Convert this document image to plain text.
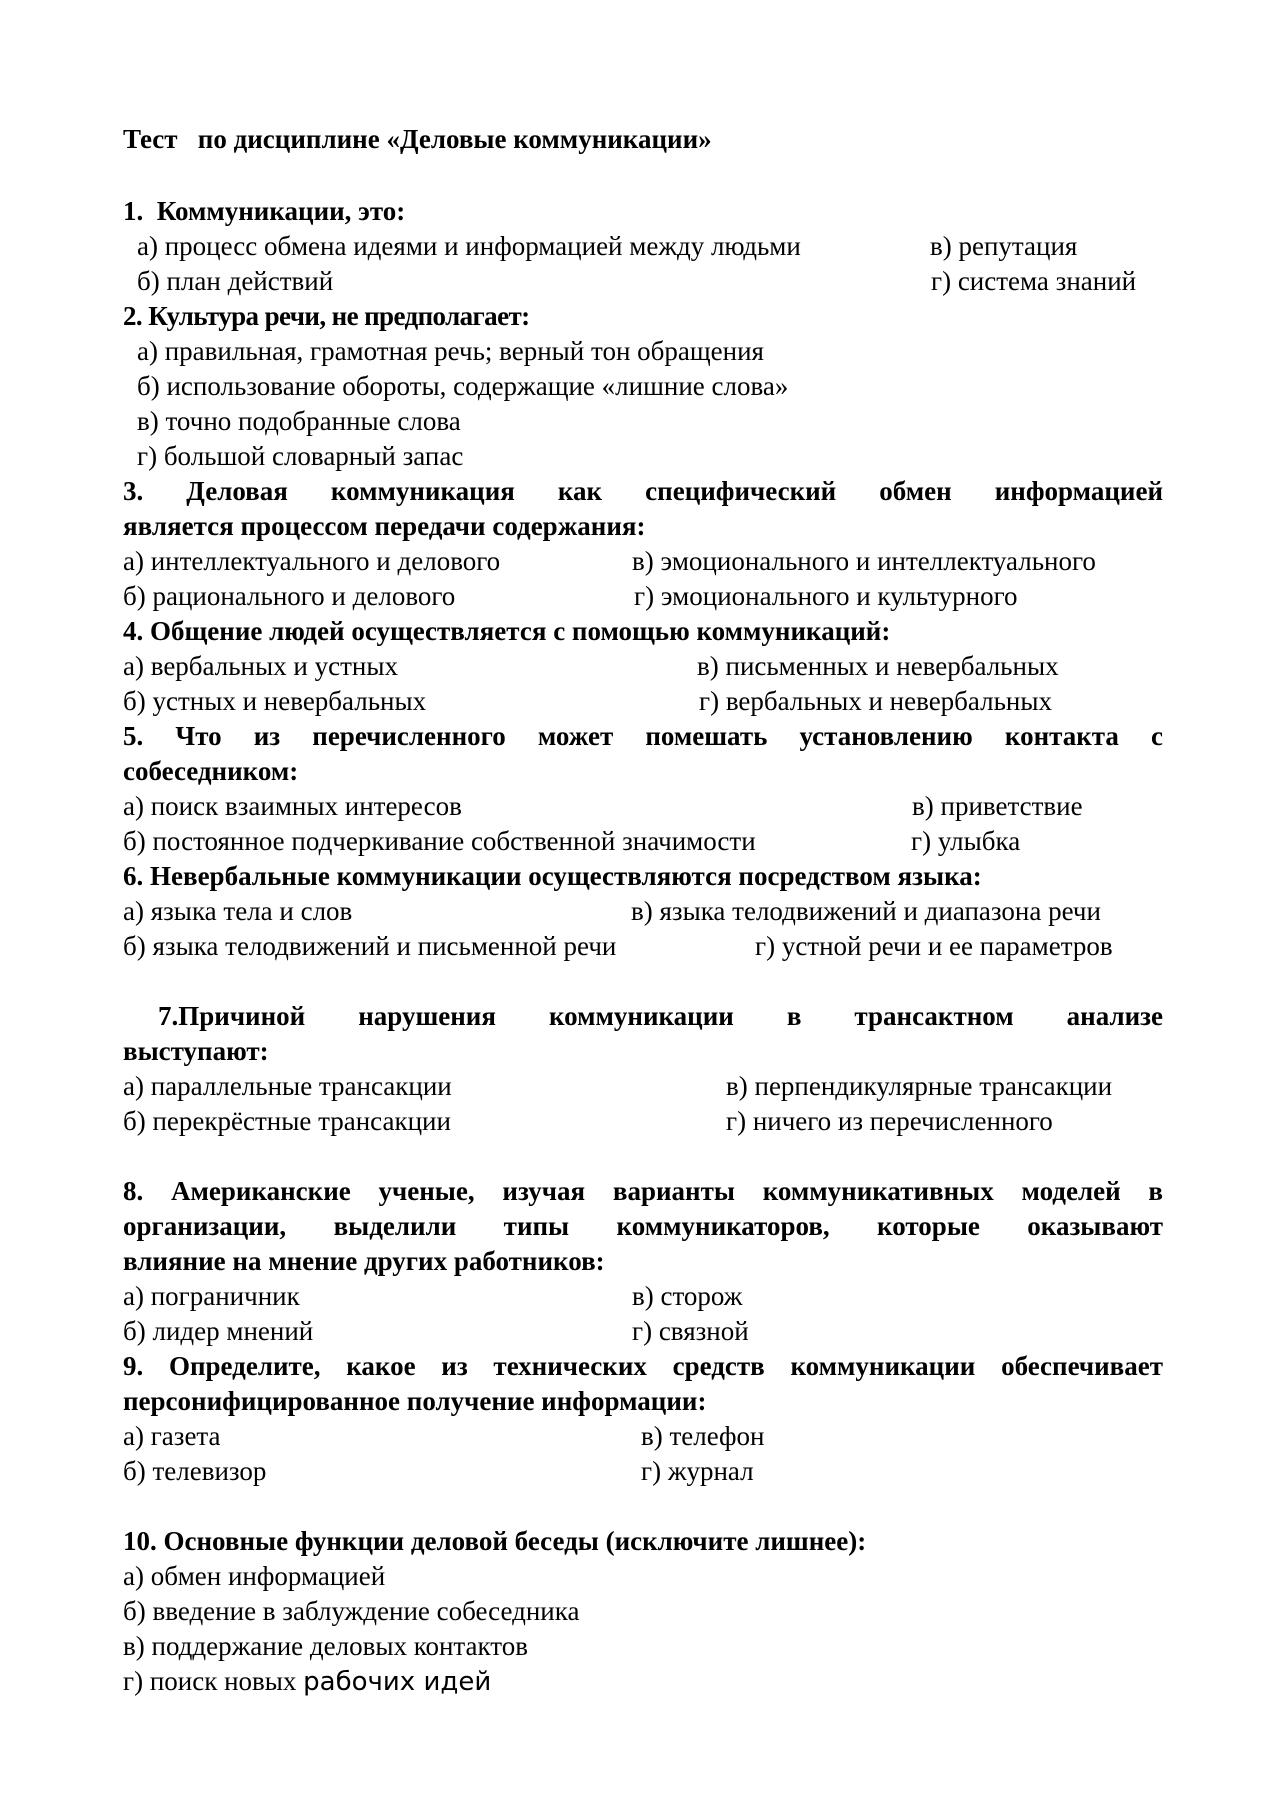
Тест   по дисциплине «Деловые коммуникации»
1.  Коммуникации, это:
а) процесс обмена идеями и информацией между людьми	в) репутация
б) план действий	г) система знаний
2. Культура речи, не предполагает:
а) правильная, грамотная речь; верный тон обращения
б) использование обороты, содержащие «лишние слова»
в) точно подобранные слова
г) большой словарный запас
3. Деловая коммуникация как специфический обмен информацией
является процессом передачи содержания:
а) интеллектуального и делового	в) эмоционального и интеллектуального
б) рационального и делового	г) эмоционального и культурного
4. Общение людей осуществляется с помощью коммуникаций:
а) вербальных и устных	в) письменных и невербальных
б) устных и невербальных	г) вербальных и невербальных
5. Что из перечисленного может помешать установлению контакта с
собеседником:
а) поиск взаимных интересов	в) приветствие
б) постоянное подчеркивание собственной значимости	г) улыбка
6. Невербальные коммуникации осуществляются посредством языка:
а) языка тела и слов	в) языка телодвижений и диапазона речи
б) языка телодвижений и письменной речи	г) устной речи и ее параметров
7.Причиной нарушения коммуникации в трансактном анализе
выступают:
а) параллельные трансакции	в) перпендикулярные трансакции
б) перекрёстные трансакции	г) ничего из перечисленного
8. Американские ученые, изучая варианты коммуникативных моделей в
организации, выделили типы коммуникаторов, которые оказывают
влияние на мнение других работников:
а) пограничник	в) сторож
б) лидер мнений	г) связной
9. Определите, какое из технических средств коммуникации обеспечивает
персонифицированное получение информации:
а) газета	в) телефон
б) телевизор	г) журнал
10. Основные функции деловой беседы (исключите лишнее):
а) обмен информацией
б) введение в заблуждение собеседника
в) поддержание деловых контактов
г) поиск новых рабочих идей
